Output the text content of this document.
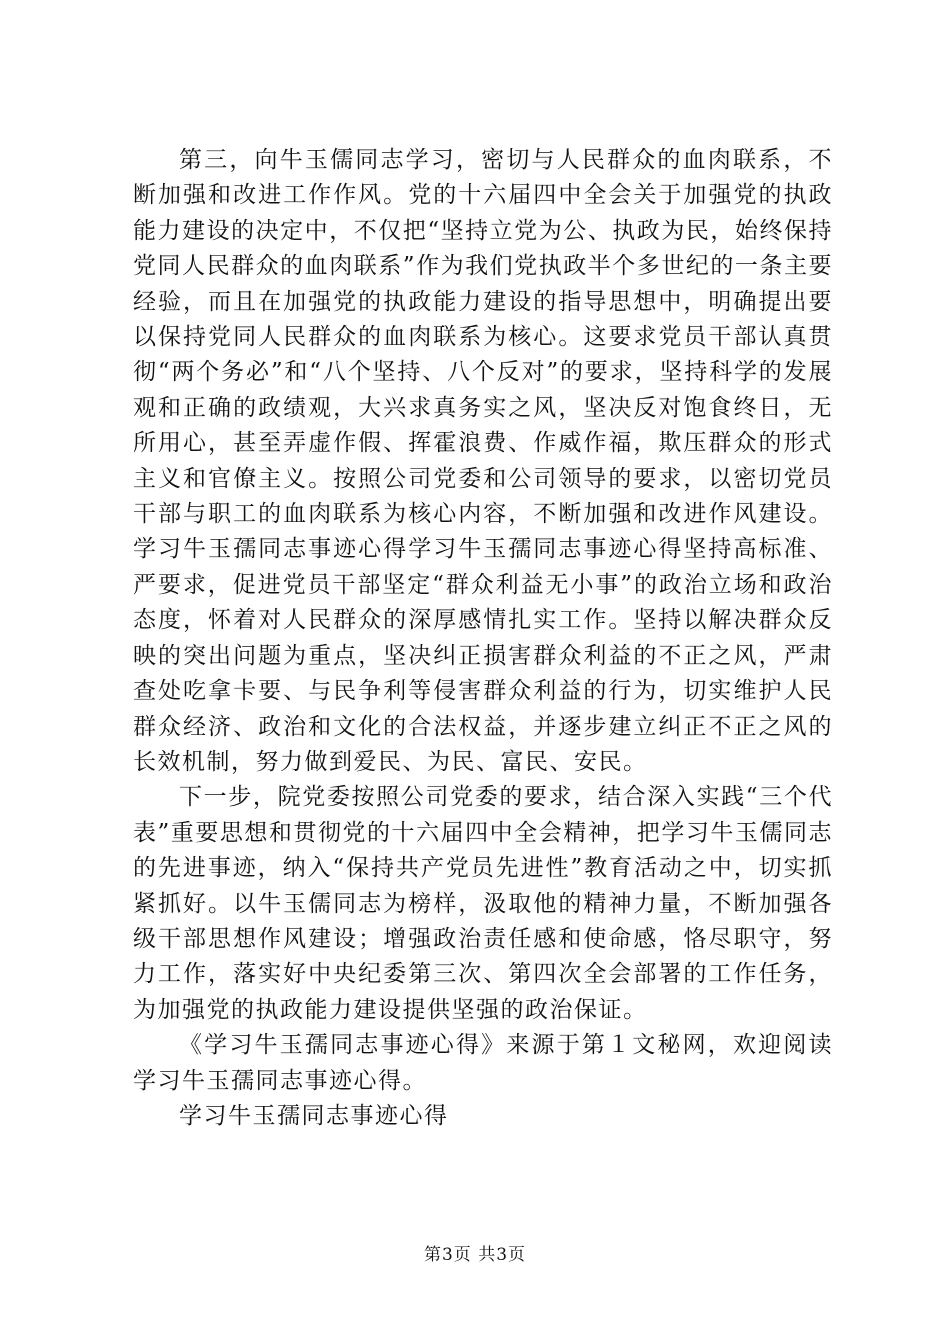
第三，向牛玉儒同志学习，密切与人民群众的血肉联系，不断加强和改进工作作风。党的十六届四中全会关于加强党的执政能力建设的决定中，不仅把“坚持立党为公、执政为民，始终保持党同人民群众的血肉联系”作为我们党执政半个多世纪的一条主要经验，而且在加强党的执政能力建设的指导思想中，明确提出要以保持党同人民群众的血肉联系为核心。这要求党员干部认真贯彻“两个务必”和“八个坚持、八个反对”的要求，坚持科学的发展观和正确的政绩观，大兴求真务实之风，坚决反对饱食终日，无所用心，甚至弄虚作假、挥霍浪费、作威作福，欺压群众的形式主义和官僚主义。按照公司党委和公司领导的要求，以密切党员干部与职工的血肉联系为核心内容，不断加强和改进作风建设。学习牛玉孺同志事迹心得学习牛玉孺同志事迹心得坚持高标准、严要求，促进党员干部坚定“群众利益无小事”的政治立场和政治态度，怀着对人民群众的深厚感情扎实工作。坚持以解决群众反映的突出问题为重点，坚决纠正损害群众利益的不正之风，严肃查处吃拿卡要、与民争利等侵害群众利益的行为，切实维护人民群众经济、政治和文化的合法权益，并逐步建立纠正不正之风的长效机制，努力做到爱民、为民、富民、安民。

下一步，院党委按照公司党委的要求，结合深入实践“三个代表”重要思想和贯彻党的十六届四中全会精神，把学习牛玉儒同志的先进事迹，纳入“保持共产党员先进性”教育活动之中，切实抓紧抓好。以牛玉儒同志为榜样，汲取他的精神力量，不断加强各级干部思想作风建设；增强政治责任感和使命感，恪尽职守，努力工作，落实好中央纪委第三次、第四次全会部署的工作任务，为加强党的执政能力建设提供坚强的政治保证。

《学习牛玉孺同志事迹心得》来源于第１文秘网，欢迎阅读学习牛玉孺同志事迹心得。

学习牛玉孺同志事迹心得

第3页 共3页
